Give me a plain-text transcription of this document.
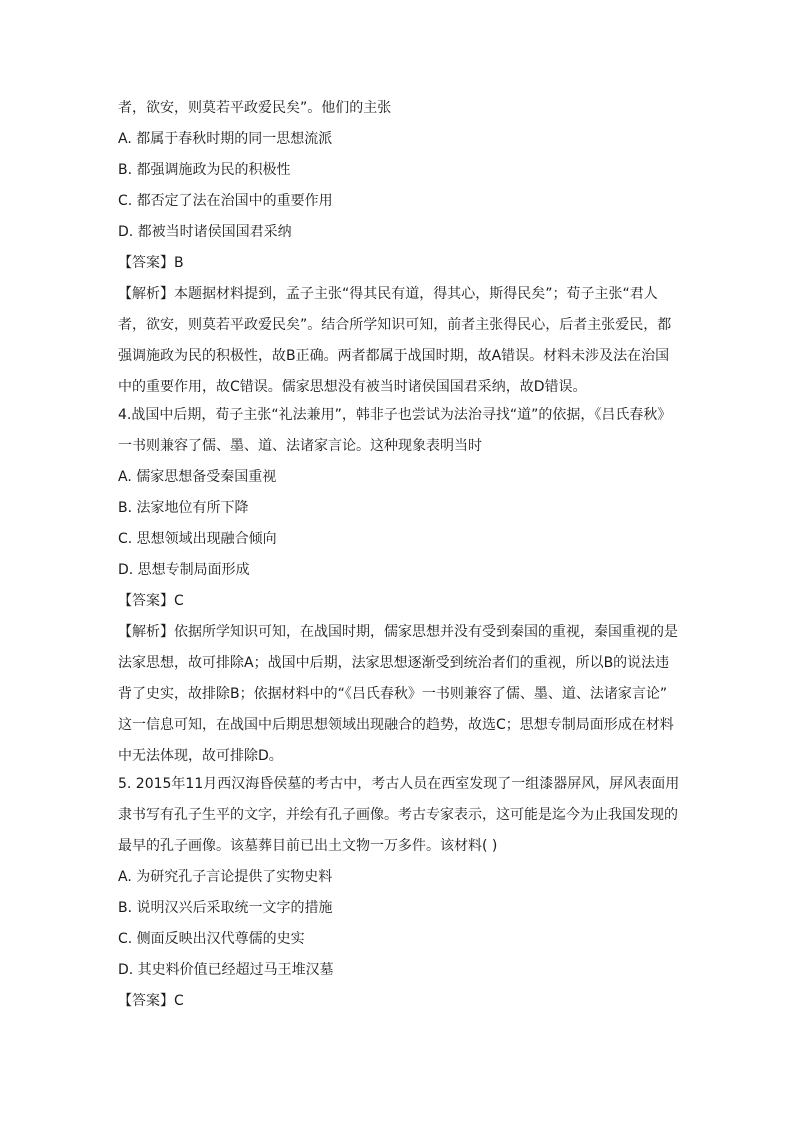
者，欲安，则莫若平政爱民矣”。他们的主张

A. 都属于春秋时期的同一思想流派

B. 都强调施政为民的积极性

C. 都否定了法在治国中的重要作用

D. 都被当时诸侯国国君采纳

【答案】B

【解析】本题据材料提到，孟子主张“得其民有道，得其心，斯得民矣”；荀子主张“君人

者，欲安，则莫若平政爱民矣”。结合所学知识可知，前者主张得民心，后者主张爱民，都

强调施政为民的积极性，故B正确。两者都属于战国时期，故A错误。材料未涉及法在治国

中的重要作用，故C错误。儒家思想没有被当时诸侯国国君采纳，故D错误。

4.战国中后期，荀子主张“礼法兼用”，韩非子也尝试为法治寻找“道”的依据，《吕氏春秋》

一书则兼容了儒、墨、道、法诸家言论。这种现象表明当时

A. 儒家思想备受秦国重视

B. 法家地位有所下降

C. 思想领域出现融合倾向

D. 思想专制局面形成

【答案】C

【解析】依据所学知识可知，在战国时期，儒家思想并没有受到秦国的重视，秦国重视的是

法家思想，故可排除A；战国中后期，法家思想逐渐受到统治者们的重视，所以B的说法违

背了史实，故排除B；依据材料中的“《吕氏春秋》一书则兼容了儒、墨、道、法诸家言论”

这一信息可知，在战国中后期思想领域出现融合的趋势，故选C；思想专制局面形成在材料

中无法体现，故可排除D。

5. 2015年11月西汉海昏侯墓的考古中，考古人员在西室发现了一组漆器屏风，屏风表面用

隶书写有孔子生平的文字，并绘有孔子画像。考古专家表示，这可能是迄今为止我国发现的

最早的孔子画像。该墓葬目前已出土文物一万多件。该材料( )

A. 为研究孔子言论提供了实物史料

B. 说明汉兴后采取统一文字的措施

C. 侧面反映出汉代尊儒的史实

D. 其史料价值已经超过马王堆汉墓

【答案】C
